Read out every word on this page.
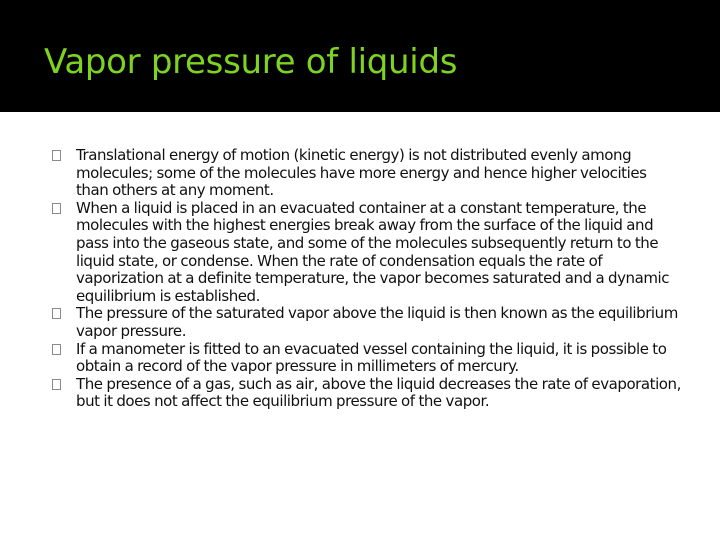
Vapor pressure of liquids
Translational energy of motion (kinetic energy) is not distributed evenly among molecules; some of the molecules have more energy and hence higher velocities than others at any moment.
When a liquid is placed in an evacuated container at a constant temperature, the molecules with the highest energies break away from the surface of the liquid and pass into the gaseous state, and some of the molecules subsequently return to the liquid state, or condense. When the rate of condensation equals the rate of vaporization at a definite temperature, the vapor becomes saturated and a dynamic equilibrium is established.
The pressure of the saturated vapor above the liquid is then known as the equilibrium vapor pressure.
If a manometer is fitted to an evacuated vessel containing the liquid, it is possible to obtain a record of the vapor pressure in millimeters of mercury.
The presence of a gas, such as air, above the liquid decreases the rate of evaporation, but it does not affect the equilibrium pressure of the vapor.
